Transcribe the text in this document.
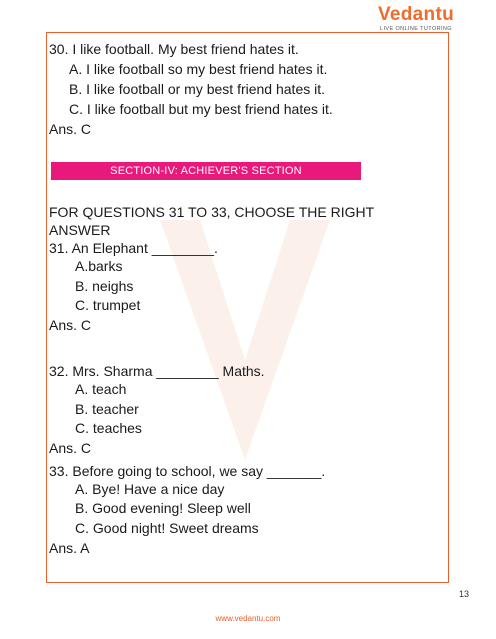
Vedantu
LIVE ONLINE TUTORING
30. I like football. My best friend hates it.
A. I like football so my best friend hates it.
B. I like football or my best friend hates it.
C. I like football but my best friend hates it.
Ans. C
SECTION-IV: ACHIEVER'S SECTION
FOR QUESTIONS 31 TO 33, CHOOSE THE RIGHT
ANSWER
31. An Elephant ________.
A.barks
B. neighs
C. trumpet
Ans. C
32. Mrs. Sharma ________ Maths.
A. teach
B. teacher
C. teaches
Ans. C
33. Before going to school, we say _______.
A. Bye! Have a nice day
B. Good evening! Sleep well
C. Good night! Sweet dreams
Ans. A
13
www.vedantu.com
